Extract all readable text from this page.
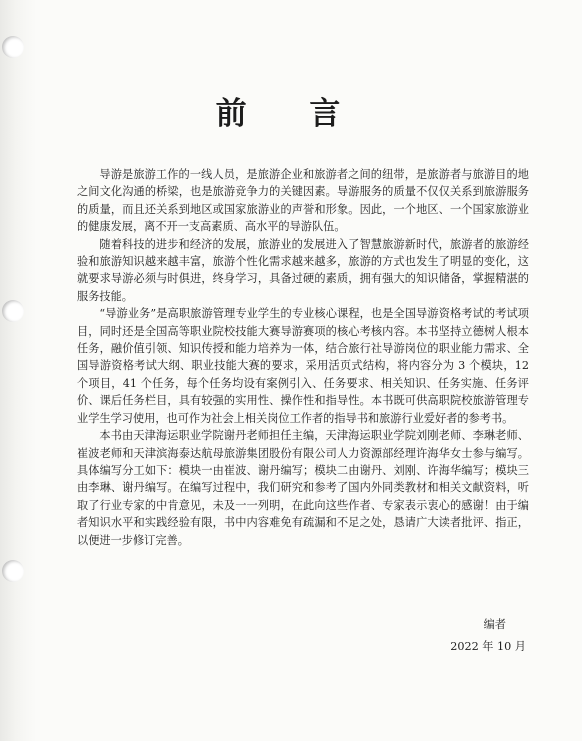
前 言

导游是旅游工作的一线人员，是旅游企业和旅游者之间的纽带，是旅游者与旅游目的地之间文化沟通的桥梁，也是旅游竞争力的关键因素。导游服务的质量不仅仅关系到旅游服务的质量，而且还关系到地区或国家旅游业的声誉和形象。因此，一个地区、一个国家旅游业的健康发展，离不开一支高素质、高水平的导游队伍。

随着科技的进步和经济的发展，旅游业的发展进入了智慧旅游新时代，旅游者的旅游经验和旅游知识越来越丰富，旅游个性化需求越来越多，旅游的方式也发生了明显的变化，这就要求导游必须与时俱进，终身学习，具备过硬的素质，拥有强大的知识储备，掌握精湛的服务技能。

“导游业务”是高职旅游管理专业学生的专业核心课程，也是全国导游资格考试的考试项目，同时还是全国高等职业院校技能大赛导游赛项的核心考核内容。本书坚持立德树人根本任务，融价值引领、知识传授和能力培养为一体，结合旅行社导游岗位的职业能力需求、全国导游资格考试大纲、职业技能大赛的要求，采用活页式结构，将内容分为 3 个模块，12 个项目，41 个任务，每个任务均设有案例引入、任务要求、相关知识、任务实施、任务评价、课后任务栏目，具有较强的实用性、操作性和指导性。本书既可供高职院校旅游管理专业学生学习使用，也可作为社会上相关岗位工作者的指导书和旅游行业爱好者的参考书。

本书由天津海运职业学院谢丹老师担任主编，天津海运职业学院刘刚老师、李琳老师、崔波老师和天津滨海泰达航母旅游集团股份有限公司人力资源部经理许海华女士参与编写。具体编写分工如下：模块一由崔波、谢丹编写；模块二由谢丹、刘刚、许海华编写；模块三由李琳、谢丹编写。在编写过程中，我们研究和参考了国内外同类教材和相关文献资料，听取了行业专家的中肯意见，未及一一列明，在此向这些作者、专家表示衷心的感谢！由于编者知识水平和实践经验有限，书中内容难免有疏漏和不足之处，恳请广大读者批评、指正，以便进一步修订完善。

编者
2022 年 10 月
